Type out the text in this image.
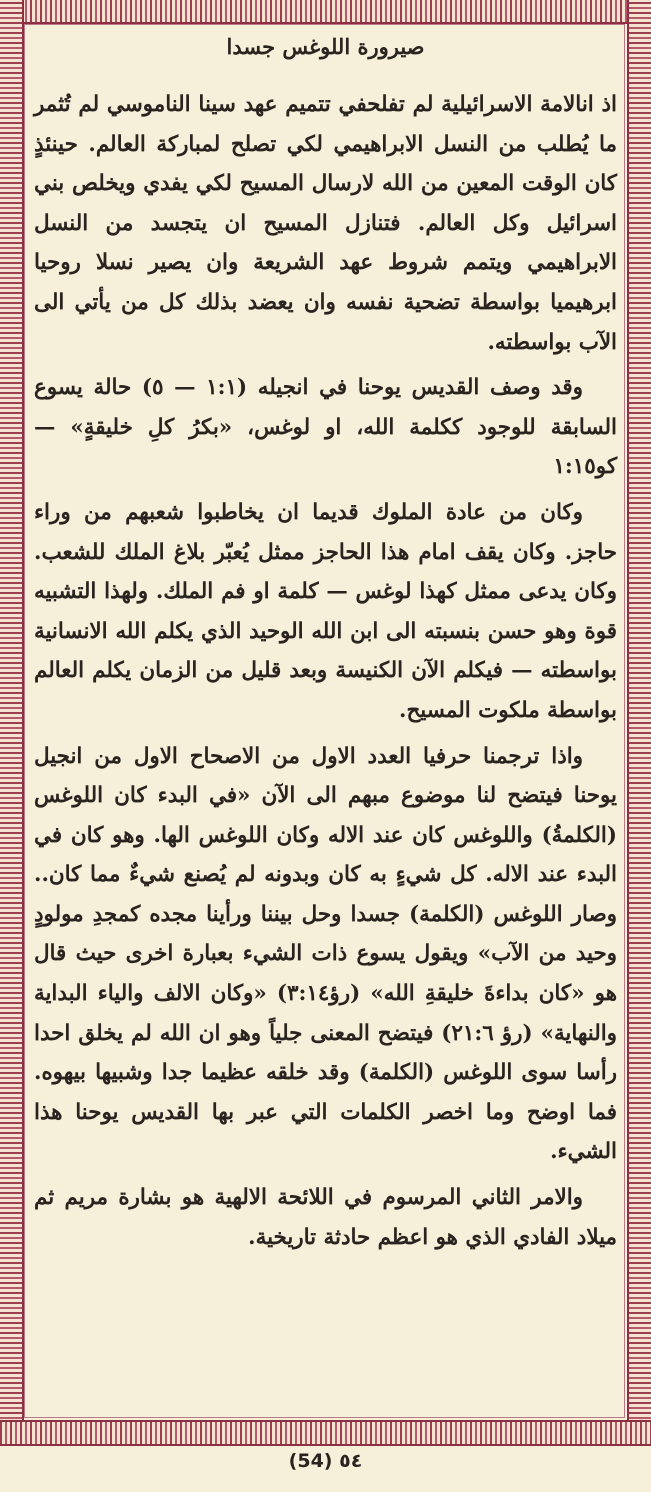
صيرورة اللوغس جسدا

اذ انالامة الاسرائيلية لم تفلحفي تتميم عهد سينا الناموسي لم تُثمر ما يُطلب من النسل الابراهيمي لكي تصلح لمباركة العالم. حينئذٍ كان الوقت المعين من الله لارسال المسيح لكي يفدي ويخلص بني اسرائيل وكل العالم. فتنازل المسيح ان يتجسد من النسل الابراهيمي ويتمم شروط عهد الشريعة وان يصير نسلا روحيا ابرهيميا بواسطة تضحية نفسه وان يعضد بذلك كل من يأتي الى الآب بواسطته.

وقد وصف القديس يوحنا في انجيله (١:١ — ٥) حالة يسوع السابقة للوجود ككلمة الله، او لوغس، «بكرُ كلِ خليقةٍ» — كو١:١٥

وكان من عادة الملوك قديما ان يخاطبوا شعبهم من وراء حاجز. وكان يقف امام هذا الحاجز ممثل يُعبّر بلاغ الملك للشعب. وكان يدعى ممثل كهذا لوغس — كلمة او فم الملك. ولهذا التشبيه قوة وهو حسن بنسبته الى ابن الله الوحيد الذي يكلم الله الانسانية بواسطته — فيكلم الآن الكنيسة وبعد قليل من الزمان يكلم العالم بواسطة ملكوت المسيح.

واذا ترجمنا حرفيا العدد الاول من الاصحاح الاول من انجيل يوحنا فيتضح لنا موضوع مبهم الى الآن «في البدء كان اللوغس (الكلمةُ) واللوغس كان عند الاله وكان اللوغس الها. وهو كان في البدء عند الاله. كل شيءٍ به كان وبدونه لم يُصنع شيءٌ مما كان.. وصار اللوغس (الكلمة) جسدا وحل بيننا ورأينا مجده كمجدِ مولودٍ وحيد من الآب» ويقول يسوع ذات الشيء بعبارة اخرى حيث قال هو «كان بداءةَ خليقةِ الله» (رؤ٣:١٤) «وكان الالف والياء البداية والنهاية» (رؤ ٢١:٦) فيتضح المعنى جلياً وهو ان الله لم يخلق احدا رأسا سوى اللوغس (الكلمة) وقد خلقه عظيما جدا وشبيها بيهوه. فما اوضح وما اخصر الكلمات التي عبر بها القديس يوحنا هذا الشيء.

والامر الثاني المرسوم في اللائحة الالهية هو بشارة مريم ثم ميلاد الفادي الذي هو اعظم حادثة تاريخية.

(54) ٥٤
